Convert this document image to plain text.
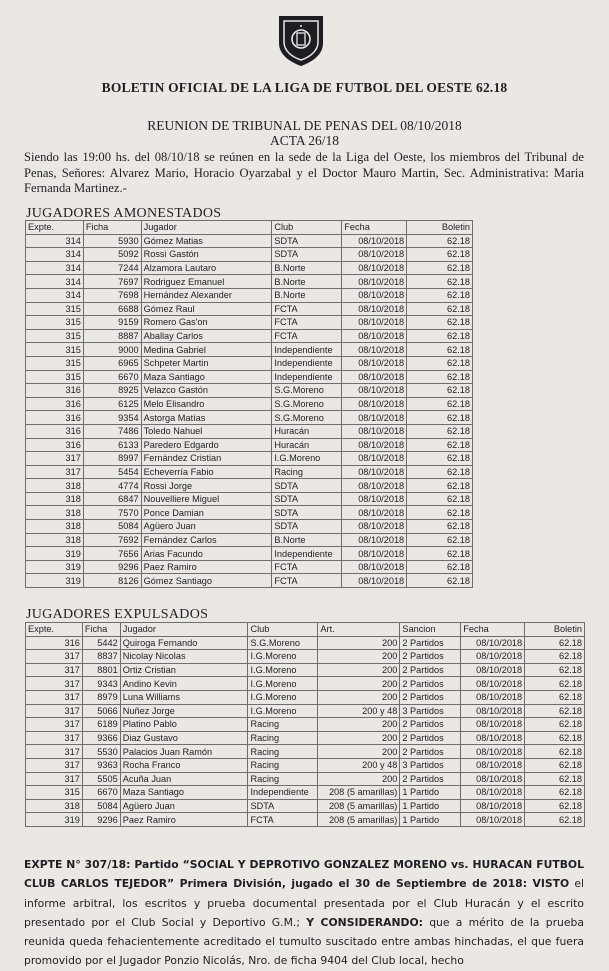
BOLETIN OFICIAL DE LA LIGA DE FUTBOL DEL OESTE 62.18
REUNION DE TRIBUNAL DE PENAS DEL 08/10/2018
ACTA 26/18
Siendo las 19:00 hs. del 08/10/18 se reúnen en la sede de la Liga del Oeste, los miembros del Tribunal de Penas, Señores: Alvarez Mario, Horacio Oyarzabal y el Doctor Mauro Martin, Sec. Administrativa: Maria Fernanda Martinez.-
JUGADORES AMONESTADOS
Expte.	Ficha	Jugador	Club	Fecha	Boletin
314	5930	Gómez Matias	SDTA	08/10/2018	62.18
314	5092	Rossi Gastón	SDTA	08/10/2018	62.18
314	7244	Alzamora Lautaro	B.Norte	08/10/2018	62.18
314	7697	Rodriguez Emanuel	B.Norte	08/10/2018	62.18
314	7698	Hernández Alexander	B.Norte	08/10/2018	62.18
315	6688	Gómez Raul	FCTA	08/10/2018	62.18
315	9159	Romero Gas'on	FCTA	08/10/2018	62.18
315	8887	Aballay Carlos	FCTA	08/10/2018	62.18
315	9000	Medina Gabriel	Independiente	08/10/2018	62.18
315	6965	Schpeter Martin	Independiente	08/10/2018	62.18
315	6670	Maza Santiago	Independiente	08/10/2018	62.18
316	8925	Velazco Gastón	S.G.Moreno	08/10/2018	62.18
316	6125	Melo Elisandro	S.G.Moreno	08/10/2018	62.18
316	9354	Astorga Matías	S.G.Moreno	08/10/2018	62.18
316	7486	Toledo Nahuel	Huracán	08/10/2018	62.18
316	6133	Paredero Edgardo	Huracán	08/10/2018	62.18
317	8997	Fernández Cristian	I.G.Moreno	08/10/2018	62.18
317	5454	Echeverría Fabio	Racing	08/10/2018	62.18
318	4774	Rossi Jorge	SDTA	08/10/2018	62.18
318	6847	Nouvelliere Miguel	SDTA	08/10/2018	62.18
318	7570	Ponce Damian	SDTA	08/10/2018	62.18
318	5084	Agüero Juan	SDTA	08/10/2018	62.18
318	7692	Fernández Carlos	B.Norte	08/10/2018	62.18
319	7656	Arias Facundo	Independiente	08/10/2018	62.18
319	9296	Paez Ramiro	FCTA	08/10/2018	62.18
319	8126	Gómez Santiago	FCTA	08/10/2018	62.18
JUGADORES EXPULSADOS
Expte.	Ficha	Jugador	Club	Art.	Sancion	Fecha	Boletin
316	5442	Quiroga Fernando	S.G.Moreno	200	2 Partidos	08/10/2018	62.18
317	8837	Nicolay Nicolas	I.G.Moreno	200	2 Partidos	08/10/2018	62.18
317	8801	Ortiz Cristian	I.G.Moreno	200	2 Partidos	08/10/2018	62.18
317	9343	Andino Kevin	I.G.Moreno	200	2 Partidos	08/10/2018	62.18
317	8979	Luna Williams	I.G.Moreno	200	2 Partidos	08/10/2018	62.18
317	5066	Nuñez Jorge	I.G.Moreno	200 y 48	3 Partidos	08/10/2018	62.18
317	6189	Platino Pablo	Racing	200	2 Partidos	08/10/2018	62.18
317	9366	Diaz Gustavo	Racing	200	2 Partidos	08/10/2018	62.18
317	5530	Palacios Juan Ramón	Racing	200	2 Partidos	08/10/2018	62.18
317	9363	Rocha Franco	Racing	200 y 48	3 Partidos	08/10/2018	62.18
317	5505	Acuña Juan	Racing	200	2 Partidos	08/10/2018	62.18
315	6670	Maza Santiago	Independiente	208 (5 amarillas)	1 Partido	08/10/2018	62.18
318	5084	Agüero Juan	SDTA	208 (5 amarillas)	1 Partido	08/10/2018	62.18
319	9296	Paez Ramiro	FCTA	208 (5 amarillas)	1 Partido	08/10/2018	62.18
EXPTE N° 307/18: Partido “SOCIAL Y DEPROTIVO GONZALEZ MORENO vs. HURACAN FUTBOL CLUB CARLOS TEJEDOR” Primera División, jugado el 30 de Septiembre de 2018: VISTO el informe arbitral, los escritos y prueba documental presentada por el Club Huracán y el escrito presentado por el Club Social y Deportivo G.M.; Y CONSIDERANDO: que a mérito de la prueba reunida queda fehacientemente acreditado el tumulto suscitado entre ambas hinchadas, el que fuera promovido por el Jugador Ponzio Nicolás, Nro. de ficha 9404 del Club local, hecho
